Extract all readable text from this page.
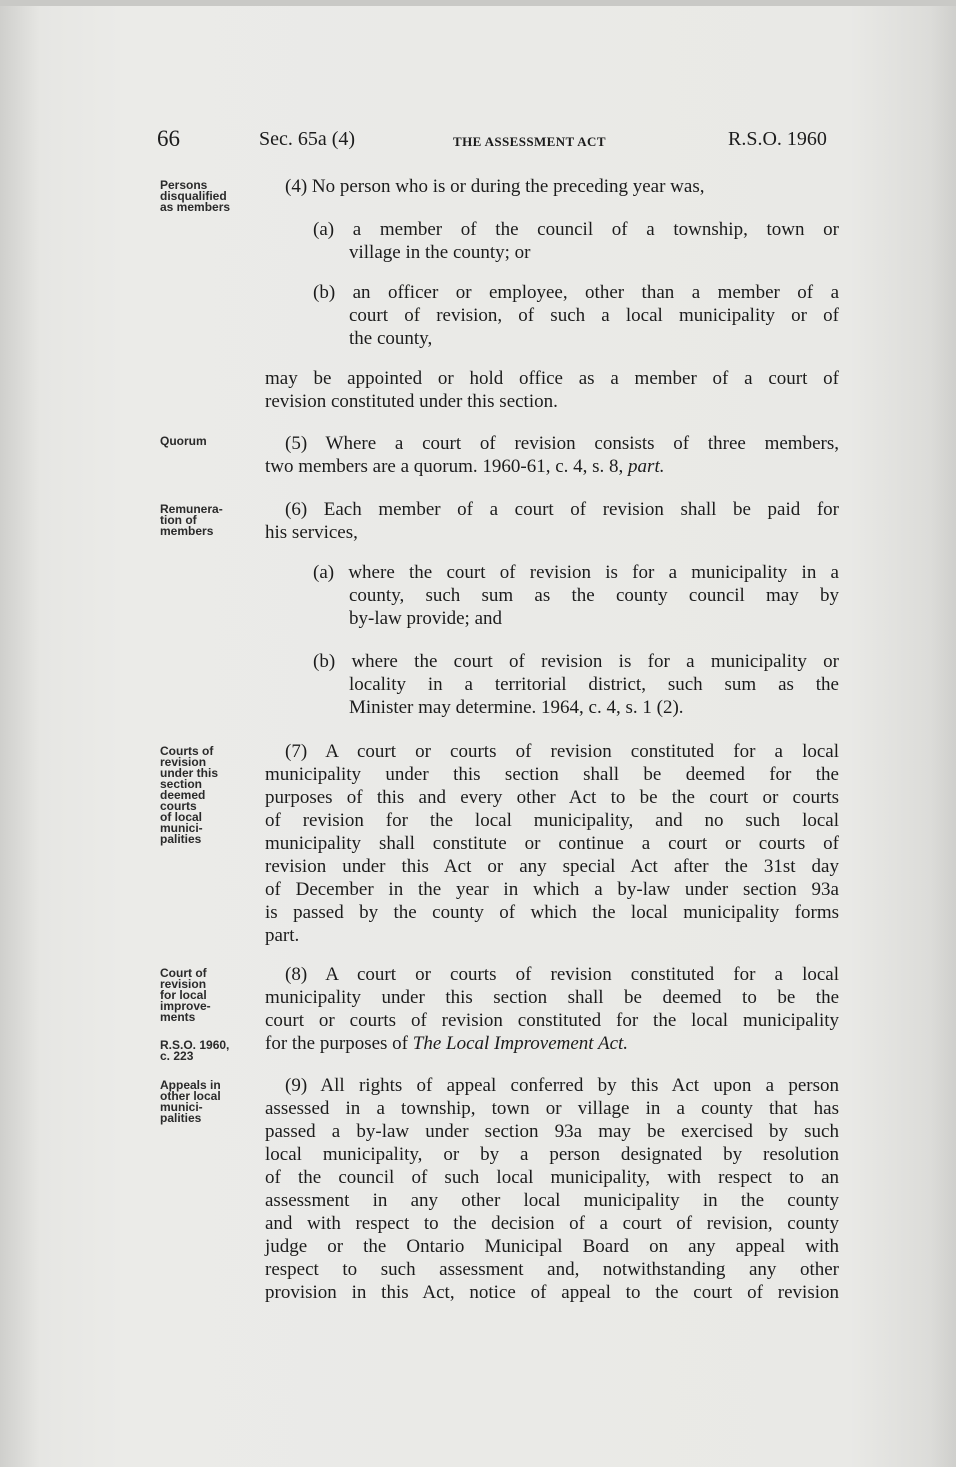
66	Sec. 65a (4)	THE ASSESSMENT ACT	R.S.O. 1960
Persons
disqualified
as members
Quorum
Remunera-
tion of
members
Courts of
revision
under this
section
deemed
courts
of local
munici-
palities
Court of
revision
for local
improve-
ments
R.S.O. 1960,
c. 223
Appeals in
other local
munici-
palities
(4) No person who is or during the preceding year was,
(a) a member of the council of a township, town or
village in the county; or
(b) an officer or employee, other than a member of a
court of revision, of such a local municipality or of
the county,
may be appointed or hold office as a member of a court of
revision constituted under this section.
(5) Where a court of revision consists of three members,
two members are a quorum. 1960-61, c. 4, s. 8, part.
(6) Each member of a court of revision shall be paid for
his services,
(a) where the court of revision is for a municipality in a
county, such sum as the county council may by
by-law provide; and
(b) where the court of revision is for a municipality or
locality in a territorial district, such sum as the
Minister may determine. 1964, c. 4, s. 1 (2).
(7) A court or courts of revision constituted for a local
municipality under this section shall be deemed for the
purposes of this and every other Act to be the court or courts
of revision for the local municipality, and no such local
municipality shall constitute or continue a court or courts of
revision under this Act or any special Act after the 31st day
of December in the year in which a by-law under section 93a
is passed by the county of which the local municipality forms
part.
(8) A court or courts of revision constituted for a local
municipality under this section shall be deemed to be the
court or courts of revision constituted for the local municipality
for the purposes of The Local Improvement Act.
(9) All rights of appeal conferred by this Act upon a person
assessed in a township, town or village in a county that has
passed a by-law under section 93a may be exercised by such
local municipality, or by a person designated by resolution
of the council of such local municipality, with respect to an
assessment in any other local municipality in the county
and with respect to the decision of a court of revision, county
judge or the Ontario Municipal Board on any appeal with
respect to such assessment and, notwithstanding any other
provision in this Act, notice of appeal to the court of revision
